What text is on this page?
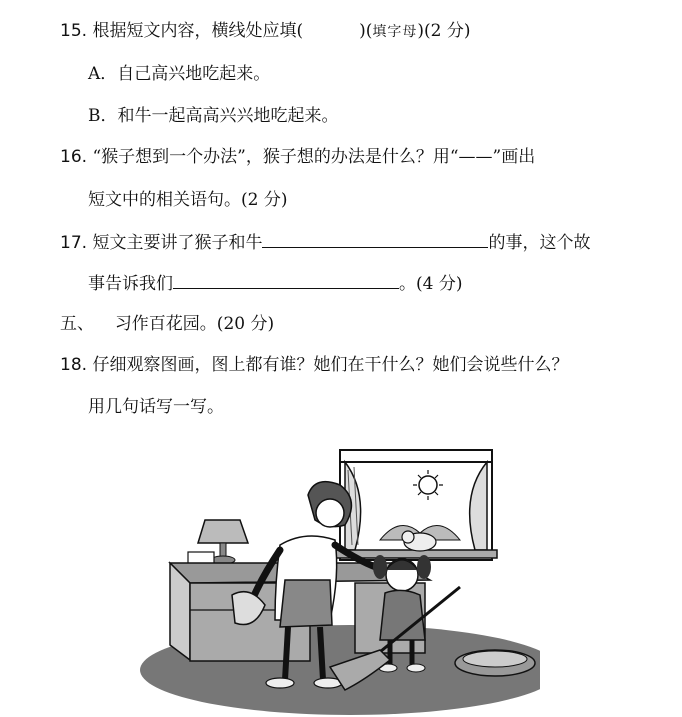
15. 根据短文内容，横线处应填(	)(填字母)(2 分)
A．自己高兴地吃起来。
B．和牛一起高高兴兴地吃起来。
16. “猴子想到一个办法”，猴子想的办法是什么？用“——”画出
短文中的相关语句。(2 分)
17. 短文主要讲了猴子和牛	的事，这个故
事告诉我们	。(4 分)
五、 习作百花园。(20 分)
18. 仔细观察图画，图上都有谁？她们在干什么？她们会说些什么？
用几句话写一写。
